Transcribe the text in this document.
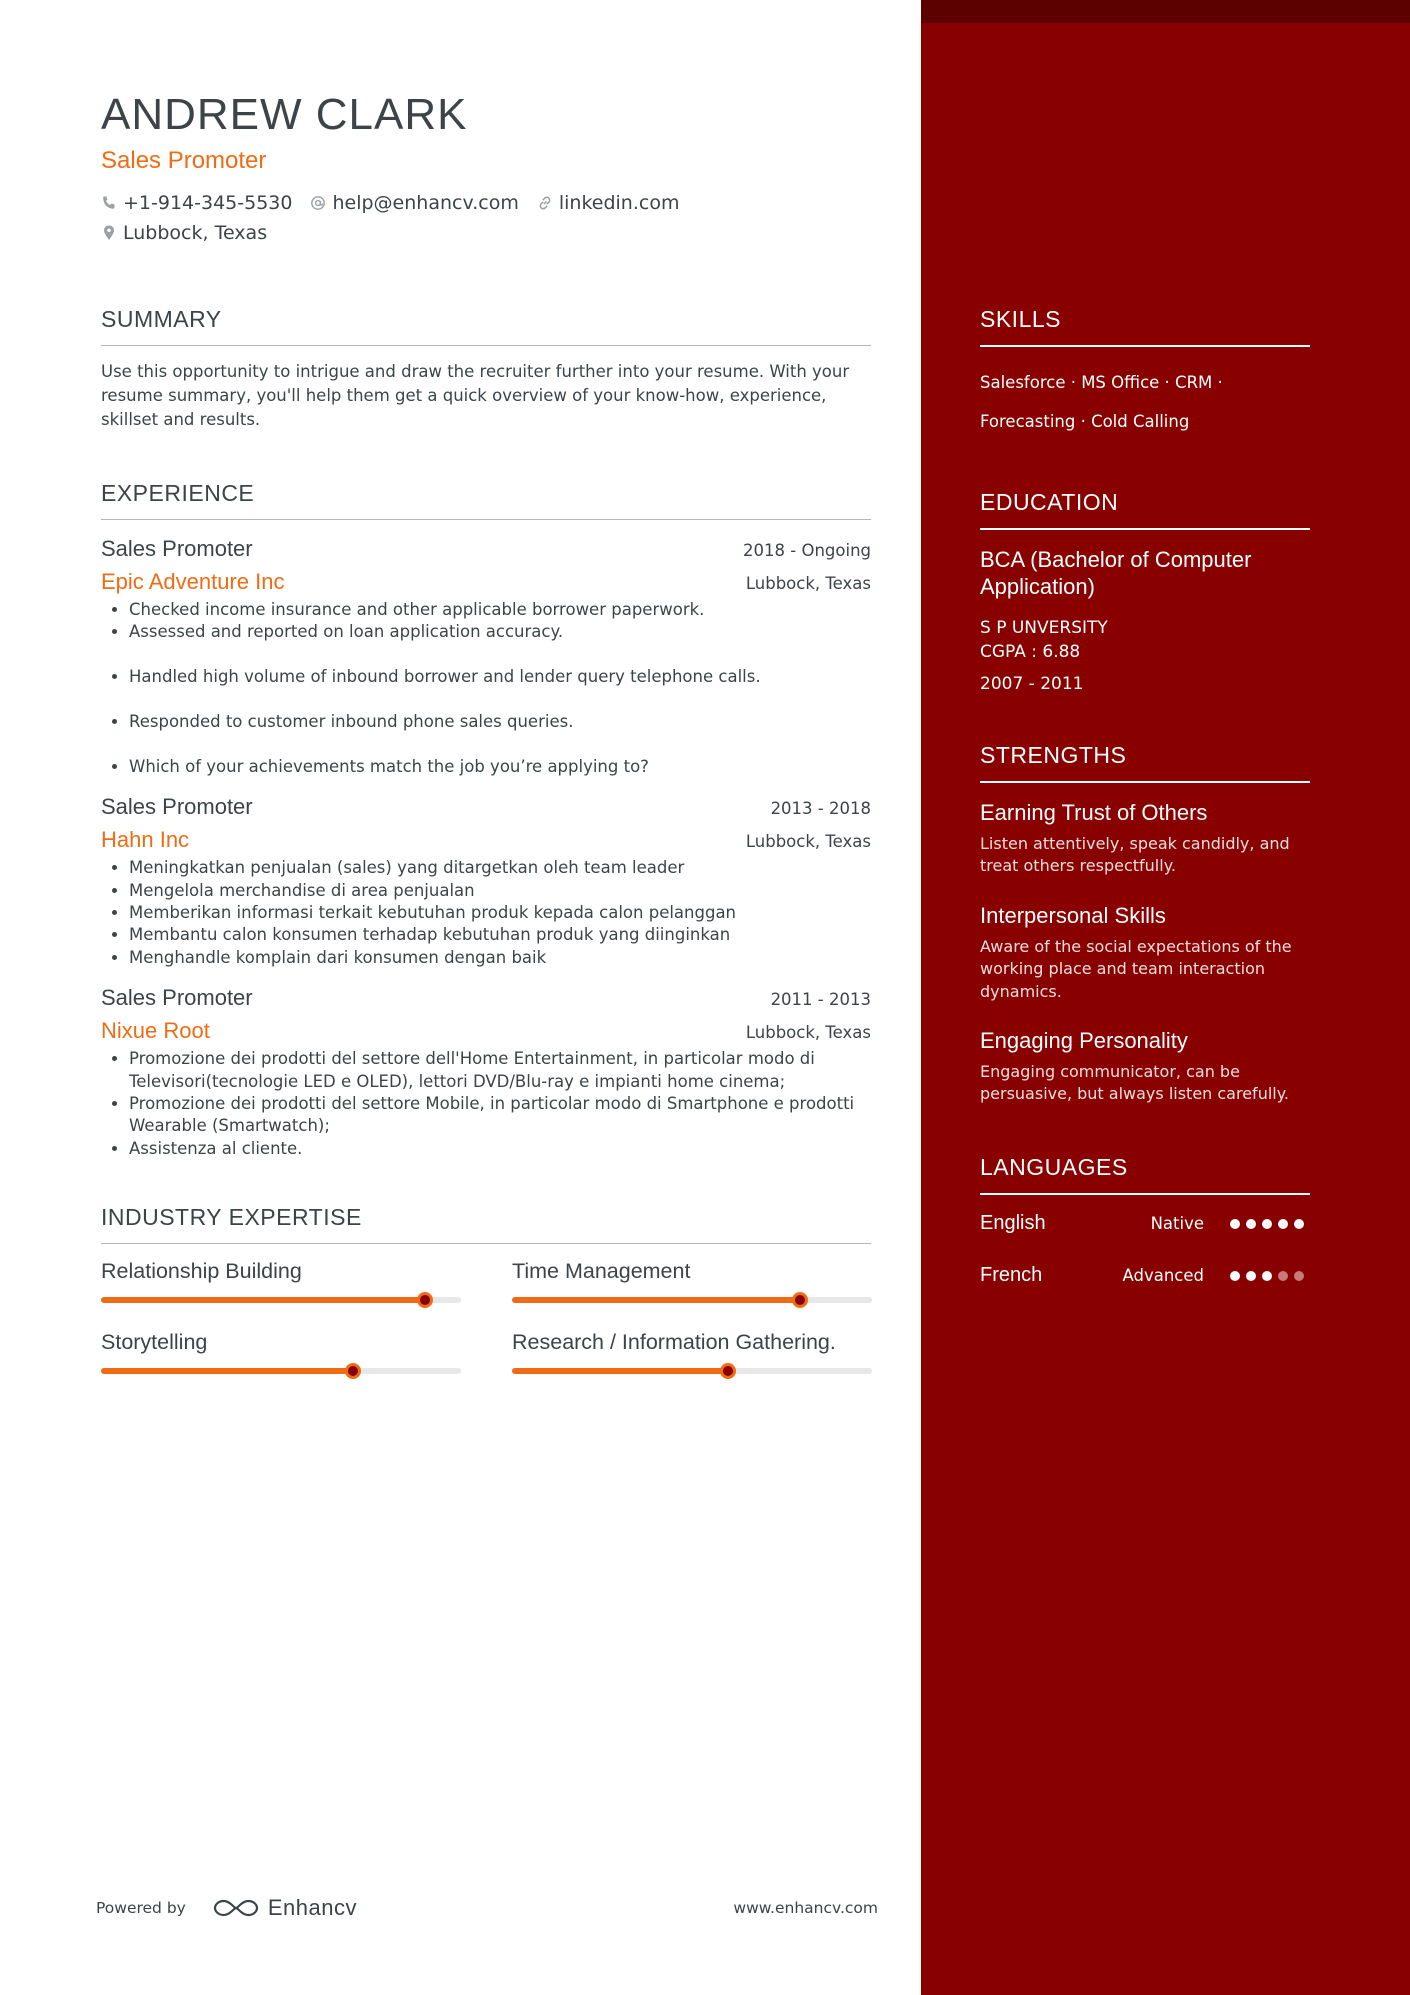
SKILLS
Salesforce · MS Office · CRM ·
Forecasting · Cold Calling
EDUCATION
BCA (Bachelor of Computer Application)
S P UNVERSITY
CGPA : 6.88
2007 - 2011
STRENGTHS
Earning Trust of Others
Listen attentively, speak candidly, and treat others respectfully.
Interpersonal Skills
Aware of the social expectations of the working place and team interaction dynamics.
Engaging Personality
Engaging communicator, can be persuasive, but always listen carefully.
LANGUAGES
English	Native
French	Advanced
ANDREW CLARK
Sales Promoter
+1-914-345-5530 help@enhancv.com linkedin.com
Lubbock, Texas
SUMMARY
Use this opportunity to intrigue and draw the recruiter further into your resume. With your resume summary, you'll help them get a quick overview of your know-how, experience, skillset and results.
EXPERIENCE
Sales Promoter	2018 - Ongoing
Epic Adventure Inc	Lubbock, Texas
• Checked income insurance and other applicable borrower paperwork.
• Assessed and reported on loan application accuracy.
• Handled high volume of inbound borrower and lender query telephone calls.
• Responded to customer inbound phone sales queries.
• Which of your achievements match the job you’re applying to?
Sales Promoter	2013 - 2018
Hahn Inc	Lubbock, Texas
• Meningkatkan penjualan (sales) yang ditargetkan oleh team leader
• Mengelola merchandise di area penjualan
• Memberikan informasi terkait kebutuhan produk kepada calon pelanggan
• Membantu calon konsumen terhadap kebutuhan produk yang diinginkan
• Menghandle komplain dari konsumen dengan baik
Sales Promoter	2011 - 2013
Nixue Root	Lubbock, Texas
• Promozione dei prodotti del settore dell'Home Entertainment, in particolar modo di Televisori(tecnologie LED e OLED), lettori DVD/Blu-ray e impianti home cinema;
• Promozione dei prodotti del settore Mobile, in particolar modo di Smartphone e prodotti Wearable (Smartwatch);
• Assistenza al cliente.
INDUSTRY EXPERTISE
Relationship Building	Time Management
Storytelling	Research / Information Gathering.
Powered by	Enhancv	www.enhancv.com
